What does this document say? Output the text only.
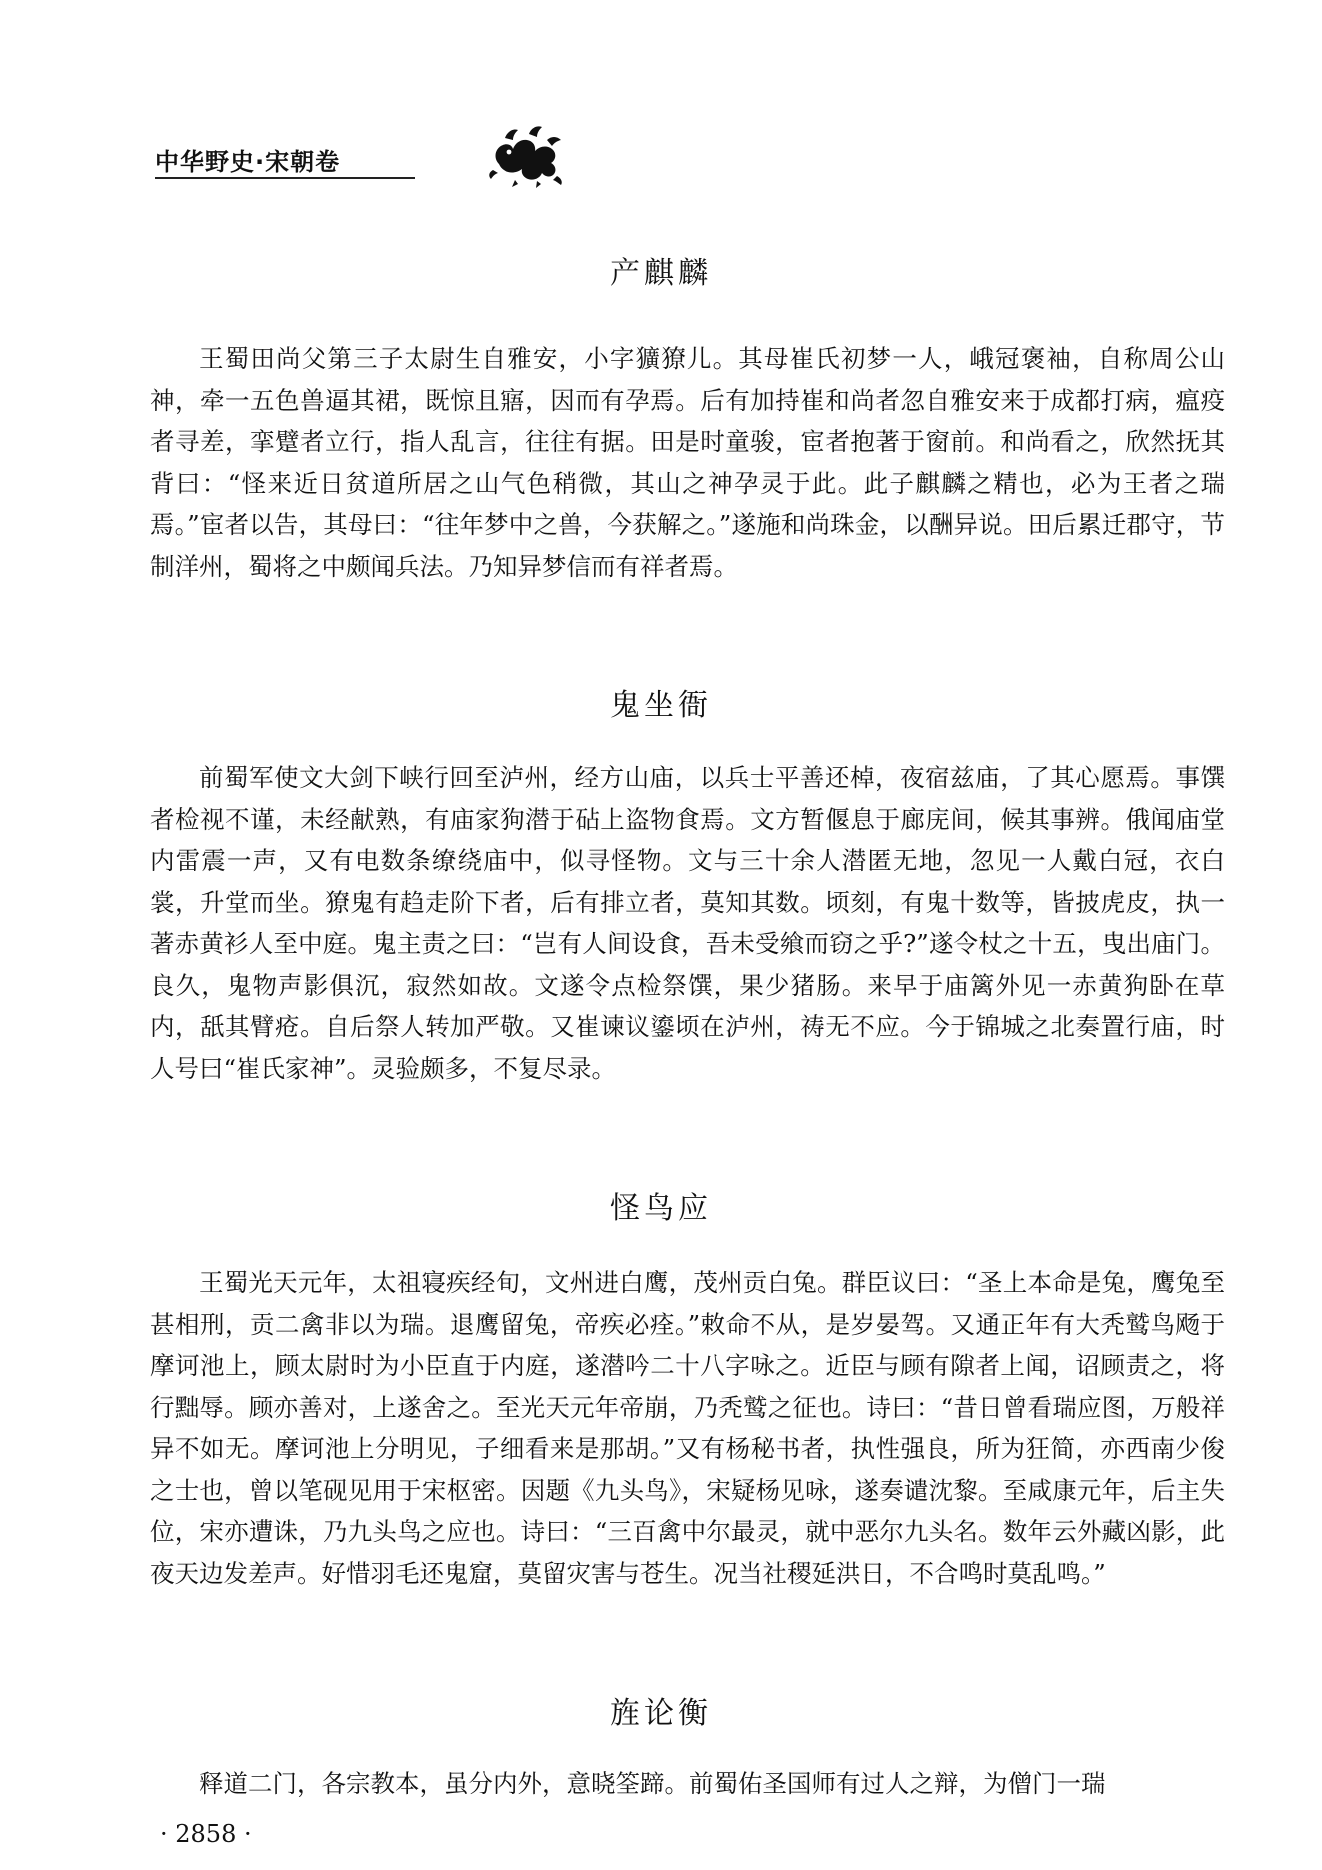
中华野史·宋朝卷
产麒麟

王蜀田尚父第三子太尉生自雅安，小字獷獠儿。其母崔氏初梦一人，峨冠褒袖，自称周公山神，牵一五色兽逼其裙，既惊且寤，因而有孕焉。后有加持崔和尚者忽自雅安来于成都打病，瘟疫者寻差，挛躄者立行，指人乱言，往往有据。田是时童骏，宦者抱著于窗前。和尚看之，欣然抚其背曰：“怪来近日贫道所居之山气色稍微，其山之神孕灵于此。此子麒麟之精也，必为王者之瑞焉。”宦者以告，其母曰：“往年梦中之兽，今获解之。”遂施和尚珠金，以酬异说。田后累迁郡守，节制洋州，蜀将之中颇闻兵法。乃知异梦信而有祥者焉。

鬼坐衙

前蜀军使文大剑下峡行回至泸州，经方山庙，以兵士平善还棹，夜宿兹庙，了其心愿焉。事馔者检视不谨，未经献熟，有庙家狗潜于砧上盗物食焉。文方暂偃息于廊庑间，候其事辨。俄闻庙堂内雷震一声，又有电数条缭绕庙中，似寻怪物。文与三十余人潜匿无地，忽见一人戴白冠，衣白裳，升堂而坐。獠鬼有趋走阶下者，后有排立者，莫知其数。顷刻，有鬼十数等，皆披虎皮，执一著赤黄衫人至中庭。鬼主责之曰：“岂有人间设食，吾未受飨而窃之乎?”遂令杖之十五，曳出庙门。良久，鬼物声影俱沉，寂然如故。文遂令点检祭馔，果少猪肠。来早于庙篱外见一赤黄狗卧在草内，舐其臂疮。自后祭人转加严敬。又崔谏议鎏顷在泸州，祷无不应。今于锦城之北奏置行庙，时人号曰“崔氏家神”。灵验颇多，不复尽录。

怪鸟应

王蜀光天元年，太祖寝疾经旬，文州进白鹰，茂州贡白兔。群臣议曰：“圣上本命是兔，鹰兔至甚相刑，贡二禽非以为瑞。退鹰留兔，帝疾必痊。”敕命不从，是岁晏驾。又通正年有大秃鹫鸟飏于摩诃池上，顾太尉时为小臣直于内庭，遂潜吟二十八字咏之。近臣与顾有隙者上闻，诏顾责之，将行黜辱。顾亦善对，上遂舍之。至光天元年帝崩，乃秃鹫之征也。诗曰：“昔日曾看瑞应图，万般祥异不如无。摩诃池上分明见，子细看来是那胡。”又有杨秘书者，执性强良，所为狂简，亦西南少俊之士也，曾以笔砚见用于宋枢密。因题《九头鸟》，宋疑杨见咏，遂奏谴沈黎。至咸康元年，后主失位，宋亦遭诛，乃九头鸟之应也。诗曰：“三百禽中尔最灵，就中恶尔九头名。数年云外藏凶影，此夜天边发差声。好惜羽毛还鬼窟，莫留灾害与苍生。况当社稷延洪日，不合鸣时莫乱鸣。”

旌论衡

释道二门，各宗教本，虽分内外，意晓筌蹄。前蜀佑圣国师有过人之辩，为僧门一瑞

· 2858 ·
